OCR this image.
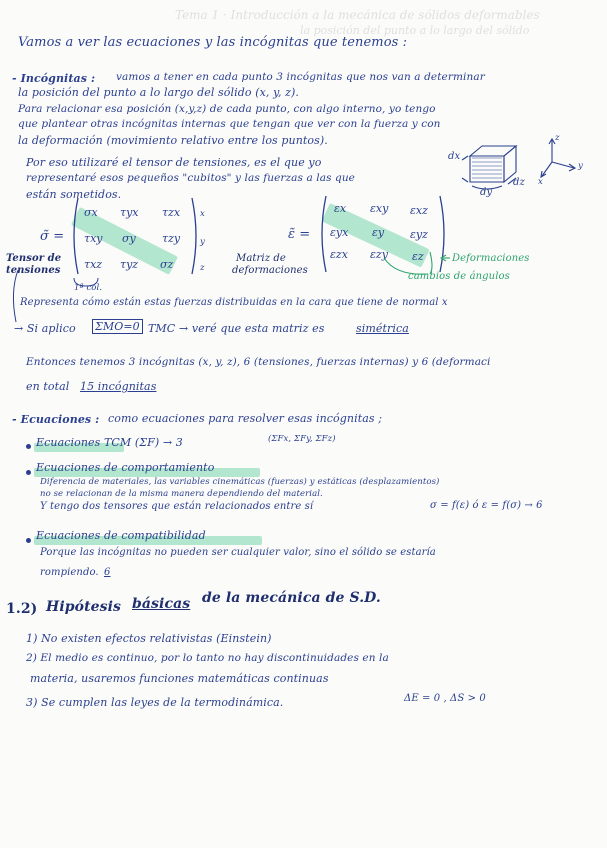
Tema 1 · Introducción a la mecánica de sólidos deformables
la posición del punto a lo largo del sólido
Vamos a ver las ecuaciones y las incógnitas que tenemos :
- Incógnitas : vamos a tener en cada punto 3 incógnitas que nos van a determinar
la posición del punto a lo largo del sólido (x, y, z).
Para relacionar esa posición (x,y,z) de cada punto, con algo interno, yo tengo
que plantear otras incógnitas internas que tengan que ver con la fuerza y con
la deformación (movimiento relativo entre los puntos).
Por eso utilizaré el tensor de tensiones, es el que yo
representaré esos pequeños "cubitos" y las fuerzas a las que
están sometidos.
dx
dy
dz
z
y
x
σ̃ =
σx τyx τzx
τxy σy τzy
τxz τyz σz
x
y
z
1ª col.
Tensor de
tensiones
ε̃ =
εx εxy εxz
εyx εy εyz
εzx εzy εz
Matriz de
deformaciones
Deformaciones
cambios de ángulos
Representa cómo están estas fuerzas distribuidas en la cara que tiene de normal x
→ Si aplico ΣMO=0 TMC → veré que esta matriz es	simétrica
Entonces tenemos 3 incógnitas (x, y, z), 6 (tensiones, fuerzas internas) y 6 (deformaci
en total 15 incógnitas
- Ecuaciones : como ecuaciones para resolver esas incógnitas ;
Ecuaciones TCM (ΣF) → 3	(ΣFx, ΣFy, ΣFz)
Ecuaciones de comportamiento
Diferencia de materiales, las variables cinemáticas (fuerzas) y estáticas (desplazamientos)
no se relacionan de la misma manera dependiendo del material.
Y tengo dos tensores que están relacionados entre sí	σ = f(ε) ó ε = f(σ) → 6
Ecuaciones de compatibilidad
Porque las incógnitas no pueden ser cualquier valor, sino el sólido se estaría
rompiendo. 6
1.2) Hipótesis básicas de la mecánica de S.D.
1) No existen efectos relativistas (Einstein)
2) El medio es continuo, por lo tanto no hay discontinuidades en la
materia, usaremos funciones matemáticas continuas
3) Se cumplen las leyes de la termodinámica.	ΔE = 0 , ΔS > 0
